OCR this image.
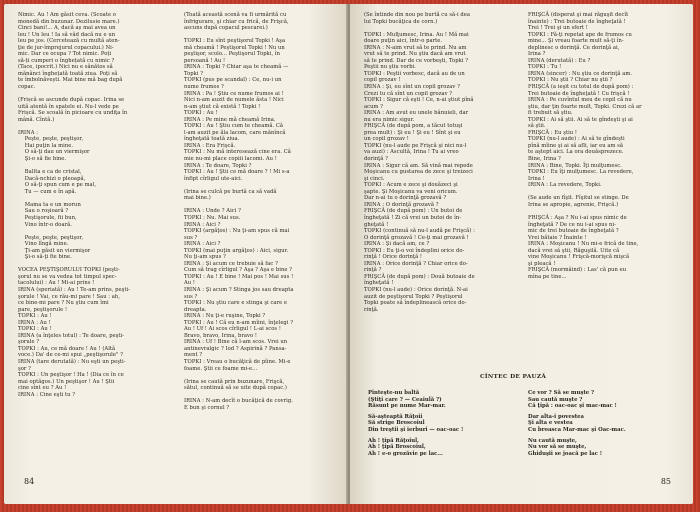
Nimic. Au ! Am găsit ceva. (Scoate o

monedă din buzunar. Dezilusie mare.)

Cinci bani!... A, dacă aș mai avea un

leu ! Un leu ! Ia să văd dacă nu e un

leu pe jos. (Cercetează cu multă aten-

ţie de jur-împrejurul copacului.) Ni-

mic. Dar ce ocupa ? Tot nimic. Poți

să-ți cumperi o înghețată cu nimic ?

(Tace, ipocrit.) Nici nu e sănătos să

mănânci înghețată toată ziua. Poți să

te îmbolnăvești. Mai bine mă bag după

copac.

(Frișcă se ascunde după copac. Irina se

uită atentă în spatele ei. Nu-l vede pe

Frișcă. Se scoală în picioare cu undiţa în

mână. Cîntă.)

IRINA :

Peşte, peşte, peştişor,

Hai puţin la mine.

O să-ţi dau un viermişor

Şi-o să fie bine.

Ballta e ca de cristal,

Dacă-nchizi o pleoapă,

O să-ţi spun cum e pe mal,

Tu — cum e în apă.

Mama ta e un morun

Sau o roşioară ?

Peştişorule, fii bun,

Vino într-o doară.

Peşte, peşte, peştişor,

Vino lîngă mine.

Ţi-am găsit un viermişor

Şi-o să-ţi fie bine.

VOCEA PEŞTIŞORULUI TOPKI (peşti-

şorul nu se va vedea tot timpul spec-

tacolului) : Au ! Mi-ai prins !

IRINA (speriată) : Au ! Te-am prins, peşti-

şorule ! Vai, ce rău-mi pare ! Sau : ah,

ce bine-mi pare ? Nu ştiu cum îmi

pare, peştişorule !

TOPKI : Au !

IRINA : Au !

TOPKI : Au !

IRINA (a înţeles totul) : Te doare, peşti-

şorule ?

TOPKI : Au, ce mă doare ! Au ! (Altă

voce.) Da' de ce-mi spui „peştişorule" ?

IRINA (tare derutată) : Nu eşti un peşti-

şor ?

TOPKI : Un peştişor ! Ha ! (Dia ce în ce

mai optăgos.) Un peştişor ! Au ! Ştii

cine sînt eu ? Au !

IRINA : Cine eşti tu ?

(Toată această scenă va fi urmărită cu

înfrigurare, şi chiar cu frică, de Frişcă,

ascuns după copacul pescarei.)

TOPKI : Eu sînt peştişorul Topki ! Aşa

mă cheamă ! Peştişorul Topki ! Nu un

peştişor, scolo... Peştişorul Topki, în

persoană ! Au !

IRINA : Topki ? Chiar aşa te cheamă —

Topki ?

TOPKI (pus pe scandal) : Ce, nu-i un

nume frumos ?

IRINA : Pa ! Ştiu ce nume frumos ai !

Nici n-am auzit de numele ăsta ! Nici

n-am ştiut că există ! Topki !

TOPKI : Au !

IRINA : Pe mine mă cheamă Irina.

TOPKI : Au ! Ştiu cum te cheamă. Că

l-am auzit pe ăla lacom, care mănîncă

îngheţată toată ziua.

IRINA : Era Frişcă.

TOPKI : Nu mă interesează cine era. Că

mie nu-mi place copiii lacomi. Au !

IRINA : Te doare, Topki ?

TOPKI : Au ! Ştii ce mă doare ? ! Mi s-a

înfipt cîrligul ute-aici.

(Irina se culcă pe burtă ca să vadă

mai bine.)

IRINA : Unde ? Aici ?

TOPKI : Nu. Mai sus.

IRINA : Aici ?

TOPKI (argăţos) : Nu ţi-am spus că mai

sus ?

IRINA : Aici ?

TOPKI (mai puţin argăţos) : Aici, sigur.

Nu ţi-am spus ?

IRINA : Şi acum ce trebuie să fac ?

Cum să trag cîrligul ? Aşa ? Aşa e bine ?

TOPKI : Au ! E bine ! Mai pos ! Mai sus !

Au !

IRINA : Şi acum ? Stinga jos sau dreapta

sus ?

TOPKI : Nu ştiu care e stinga şi care e

dreapta.

IRINA : Nu ţi-e ruşine, Topki ?

TOPKI : Au ! Că eu n-am mîini, înţelegi ?

Au ! Uf ! Ai scos cîrligul ! L-ai scos !

Bravo, bravo, Irina, bravo !

IRINA : Uf ! Bine că l-am scos. Vrei un

antinevralgic ? Iod ? Aspirină ? Pansa-

ment ?

TOPKI : Vreau o bucăţică de pîine. Mi-e

foame. Ştii ce foame mi-e...

(Irina se caută prin buzunare, Frişcă,

sătul, continuă să se uite după copac.)

IRINA : N-am decît o bucăţică de covrig.

E bun şi cornul ?

84

(Se întinde din nou pe burtă cu să-i dea

lui Topki bucăţica de corn.)

TOPKI : Mulţumesc, Irina. Au ! Mă mai

doare puţin aici, într-o parte.

IRINA : N-aim vrut să te prind. Nu am

vrut să te prind. Nu ştiu dacă am vrut

să te prind. Dar de ce vorbeşti, Topki ?

Peştii nu ştiu vorbi.

TOPKI : Peştii vorbesc, dacă au de un

copil grozav !

IRINA : Şi, eu sînt un copil grozav ?

Crezi tu că sînt un copil grozav ?

TOPKI : Sigur că eşti ! Ce, n-ai ştiut pînă

acum ?

IRINA : Am avut eu unele bănuieli, dar

nu era nimic sigur.

FRIŞCĂ (de după pom, a tăcut totuşi

prea mult) : Şi eu ! Şi eu ! Sînt şi eu

un copil grozav !

TOPKI (nu-l aude pe Frişcă şi nici nu-l

va auzi) : Ascultă, Irina ! Tu ai vreo

dorinţă ?

IRINA : Sigur că am. Să vină mai repede

Moşicanu cu gustarea de zece şi treizeci

şi cinci.

TOPKI : Acum e zece şi douăzeci şi

şapte. Şi Moşicanu va veni oricum.

Dar n-ai tu o dorinţă grozavă ?

IRINA : O dorinţă grozavă ?

FRIŞCĂ (de după pom) : Un butoi de

îngheţată ! Zi că vrei un butoi de în-

gheţată !

TOPKI (continuă să nu-l audă pe Frişcă) :

O dorinţă grozavă ! Ce-ţi mai grozavă !

IRINA : Şi dacă am, ce ?

TOPKI : Eu ţi-o voi îndeplini orice do-

rinţă ! Orice dorinţă !

IRINA : Orice dorinţă ? Chiar orice do-

rinţă ?

FRIŞCĂ (de după pom) : Două butoaie de

îngheţată !

TOPKI (nu-l aude) : Orice dorinţă. N-ai

auzit de peştişorul Topki ? Peştişorul

Topki poate să îndeplinească orice do-

rinţă.

FRIŞCĂ (disperat şi mai răguşit decît

înainte) : Trei butoaie de îngheţată !

Trei ! Trei şi un sfert !

TOPKI : Fă-ţi repetat ape de frumos cu

mine... Şi vreau foarte mult să-ţi în-

deplinesc o dorinţă. Ce dorinţă ai,

Irina ?

IRINA (derutată) : Eu ?

TOPKI : Tu !

IRINA (sincer) : Nu ştiu ce dorinţă am.

TOPKI : Nu ştii ? Chiar nu ştii ?

FRIŞCĂ (a ieşit cu totul de după pom) :

Trei butoaie de îngheţată ! Cu frişcă !

IRINA : Pe cuvîntul meu de copil că nu

ştiu, dar ţin foarte mult, Topki. Crezi că ar

fi trebuit să ştiu.

TOPKI : Ai să ştii. Ai să te gîndeşti şi ai

să ştii.

FRIŞCĂ : Eu ştiu !

TOPKI (nu-l aude) : Ai să te gîndeşti

pînă mîine şi ai să afli, iar eu am să

te aştept aici. La ora douăsprezece.

Bine, Irina ?

IRINA : Bine, Topki. Îţi mulţumesc.

TOPKI : Eu îţi mulţumesc. La revedere,

Irina !

IRINA : La revedere, Topki.

(Se aude un fîşit. Fîşitul se stinge. De

Irina se apropie, agrenie, Frişcă.)

FRIŞCĂ : Aşa ? Nu i-ai spus nimic de

îngheţată ? De ce nu i-ai spus ni-

mic de trei butoaie de îngheţată ?

Vrei bătaie ? Înainte !

IRINA : Moşicanu ! Nu mi-e frică de tine,

dacă vrei să ştii, Răguşilă. Uite că

vine Moşicanu ! Frişcă-morişcă mişcă

şi pleacă !

FRIŞCĂ (mormăind) : Las' că pun eu

mîna pe tine...

CÎNTEC DE PAUZĂ

Pinteşte-nu baltă
(Ştiţi care ? — Ceaiulă ?)
Răsunt pe nume Mar-mar.

Să-aşteaptă Răţoii
Să strige Broscoiul
Din treştii şi ierburi — oac-oac !

Ah ! ţipă Răţoiul,
Ah ! ţipă Broscoiul,
Ah ! e-o grozăvie pe lac...

Ce vor ? Să se muşte ?
Sau caută muşte ?
Că ţipă : oac-oac şi mac-mac !

Dar alta-i povestea
Şi alta e vestea
Cu broasca Mar-mac şi Oac-mac.

Nu caută muşte,
Nu vor să se muşte,
Ghiduşii se joacă pe lac !

85
